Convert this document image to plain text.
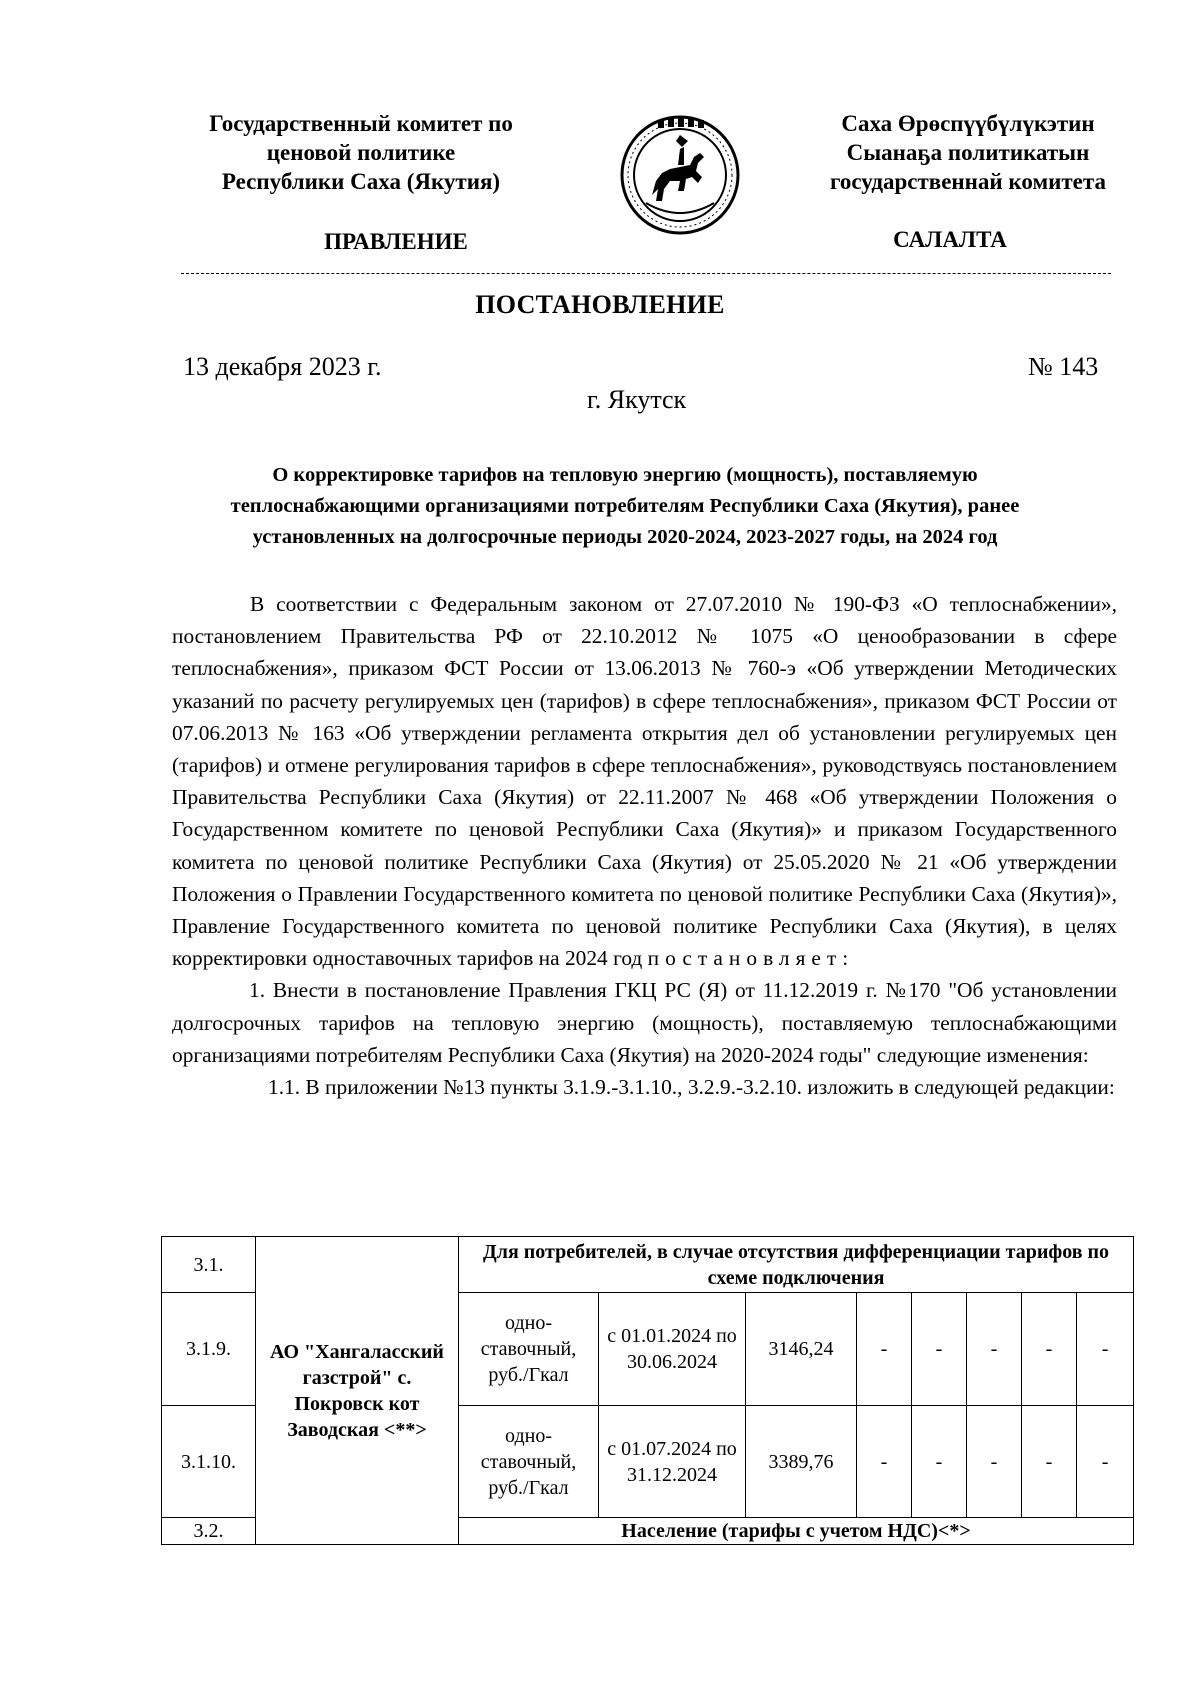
Государственный комитет по
ценовой политике
Республики Саха (Якутия)
Саха Өрөспүүбүлүкэтин
Сыанаҕа политикатын
государственнай комитета
ПРАВЛЕНИЕ	САЛАЛТА
ПОСТАНОВЛЕНИЕ
13 декабря 2023 г.	№ 143
г. Якутск
О корректировке тарифов на тепловую энергию (мощность), поставляемую
теплоснабжающими организациями потребителям Республики Саха (Якутия), ранее
установленных на долгосрочные периоды 2020-2024, 2023-2027 годы, на 2024 год

В соответствии с Федеральным законом от 27.07.2010 № 190-ФЗ «О теплоснабжении», постановлением Правительства РФ от 22.10.2012 № 1075 «О ценообразовании в сфере теплоснабжения», приказом ФСТ России от 13.06.2013 № 760-э «Об утверждении Методических указаний по расчету регулируемых цен (тарифов) в сфере теплоснабжения», приказом ФСТ России от 07.06.2013 № 163 «Об утверждении регламента открытия дел об установлении регулируемых цен (тарифов) и отмене регулирования тарифов в сфере теплоснабжения», руководствуясь постановлением Правительства Республики Саха (Якутия) от 22.11.2007 № 468 «Об утверждении Положения о Государственном комитете по ценовой Республики Саха (Якутия)» и приказом Государственного комитета по ценовой политике Республики Саха (Якутия) от 25.05.2020 № 21 «Об утверждении Положения о Правлении Государственного комитета по ценовой политике Республики Саха (Якутия)», Правление Государственного комитета по ценовой политике Республики Саха (Якутия), в целях корректировки одноставочных тарифов на 2024 год постановляет:

1. Внести в постановление Правления ГКЦ РС (Я) от 11.12.2019 г. №170 "Об установлении долгосрочных тарифов на тепловую энергию (мощность), поставляемую теплоснабжающими организациями потребителям Республики Саха (Якутия) на 2020-2024 годы" следующие изменения:

1.1. В приложении №13 пункты 3.1.9.-3.1.10., 3.2.9.-3.2.10. изложить в следующей редакции:

3.1.	АО "Хангаласский газстрой" с. Покровск кот Заводская <**>	Для потребителей, в случае отсутствия дифференциации тарифов по схеме подключения							
3.1.9.		одно-ставочный, руб./Гкал	с 01.01.2024 по 30.06.2024	3146,24	-	-	-	-	-
3.1.10.		одно-ставочный, руб./Гкал	с 01.07.2024 по 31.12.2024	3389,76	-	-	-	-	-
3.2.		Население (тарифы с учетом НДС)<*>							
